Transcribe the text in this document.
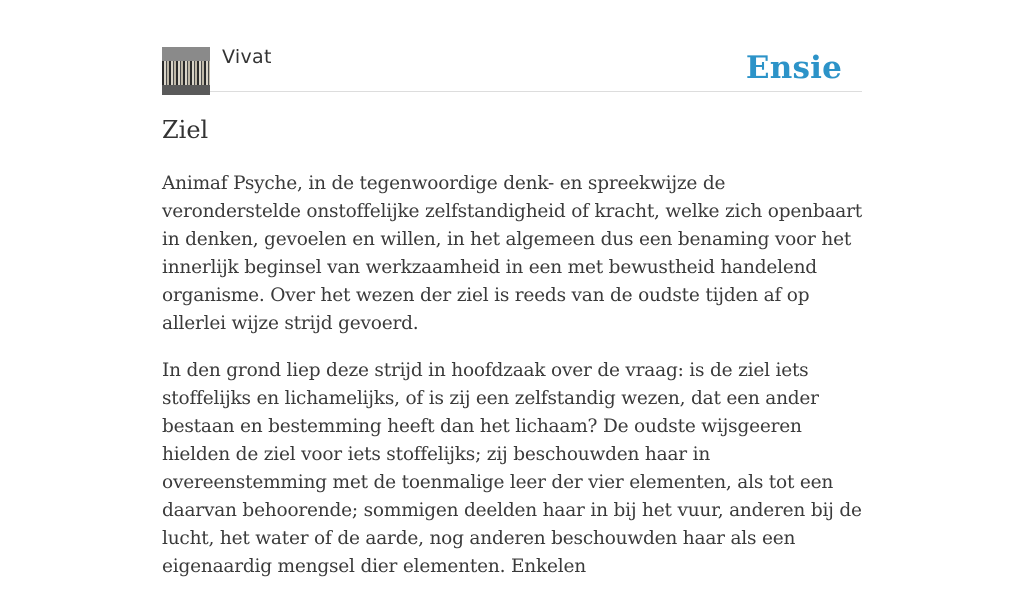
Vivat	Ensie
Ziel

Animaf Psyche, in de tegenwoordige denk- en spreekwijze de veronderstelde onstoffelijke zelfstandigheid of kracht, welke zich openbaart in denken, gevoelen en willen, in het algemeen dus een benaming voor het innerlijk beginsel van werkzaamheid in een met bewustheid handelend organisme. Over het wezen der ziel is reeds van de oudste tijden af op allerlei wijze strijd gevoerd.

In den grond liep deze strijd in hoofdzaak over de vraag: is de ziel iets stoffelijks en lichamelijks, of is zij een zelfstandig wezen, dat een ander bestaan en bestemming heeft dan het lichaam? De oudste wijsgeeren hielden de ziel voor iets stoffelijks; zij beschouwden haar in overeenstemming met de toenmalige leer der vier elementen, als tot een daarvan behoorende; sommigen deelden haar in bij het vuur, anderen bij de lucht, het water of de aarde, nog anderen beschouwden haar als een eigenaardig mengsel dier elementen. Enkelen
